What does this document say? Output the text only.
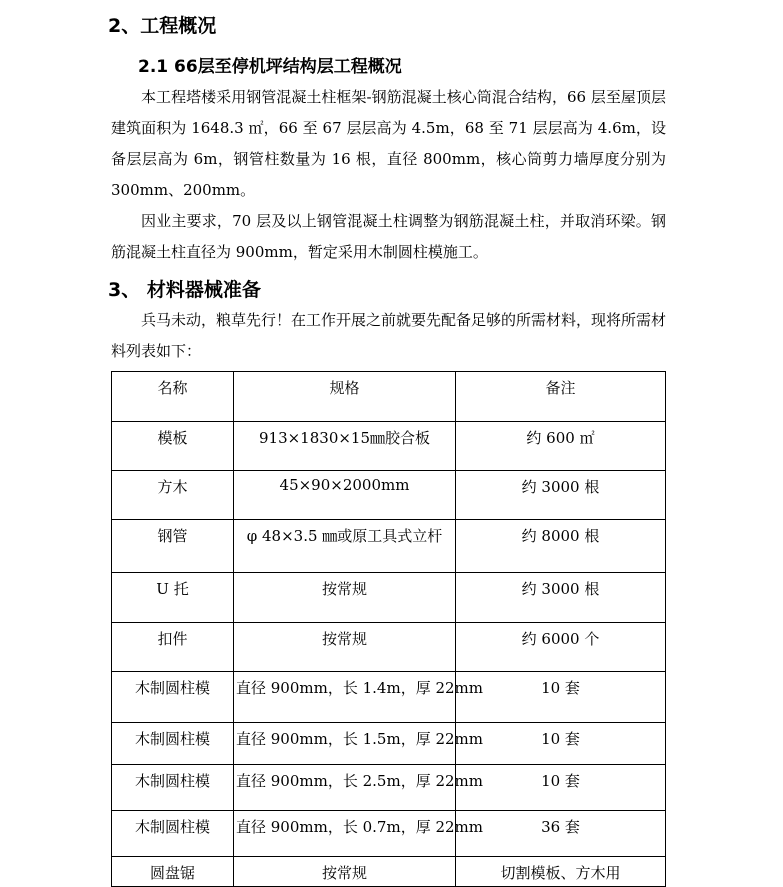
2、工程概况
2.1 66层至停机坪结构层工程概况

本工程塔楼采用钢管混凝土柱框架-钢筋混凝土核心筒混合结构，66 层至屋顶层建筑面积为 1648.3 ㎡，66 至 67 层层高为 4.5m，68 至 71 层层高为 4.6m，设备层层高为 6m，钢管柱数量为 16 根，直径 800mm，核心筒剪力墙厚度分别为 300mm、200mm。

因业主要求，70 层及以上钢管混凝土柱调整为钢筋混凝土柱，并取消环梁。钢筋混凝土柱直径为 900mm，暂定采用木制圆柱模施工。

3、 材料器械准备

兵马未动，粮草先行！在工作开展之前就要先配备足够的所需材料，现将所需材料列表如下：

名称	规格	备注
模板	913×1830×15㎜胶合板	约 600 ㎡
方木	45×90×2000mm	约 3000 根
钢管	φ 48×3.5 ㎜或原工具式立杆	约 8000 根
U 托	按常规	约 3000 根
扣件	按常规	约 6000 个
木制圆柱模	直径 900mm，长 1.4m，厚 22mm	10 套
木制圆柱模	直径 900mm，长 1.5m，厚 22mm	10 套
木制圆柱模	直径 900mm，长 2.5m，厚 22mm	10 套
木制圆柱模	直径 900mm，长 0.7m，厚 22mm	36 套
圆盘锯	按常规	切割模板、方木用
